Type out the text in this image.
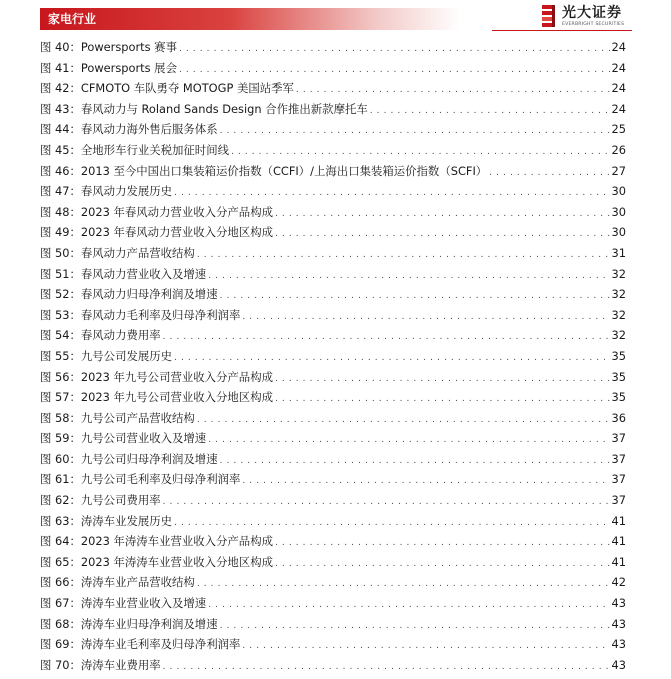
家电行业	光大证券
EVERBRIGHT SECURITIES
图 40：Powersports 赛事 . . .	24
图 41：Powersports 展会 . . .	24
图 42：CFMOTO 车队勇夺 MOTOGP 美国站季军 . . .	24
图 43：春风动力与 Roland Sands Design 合作推出新款摩托车 . . .	24
图 44：春风动力海外售后服务体系 . . .	25
图 45：全地形车行业关税加征时间线 . . .	26
图 46：2013 至今中国出口集装箱运价指数（CCFI）/上海出口集装箱运价指数（SCFI） . . .	27
图 47：春风动力发展历史 . . .	30
图 48：2023 年春风动力营业收入分产品构成 . . .	30
图 49：2023 年春风动力营业收入分地区构成 . . .	30
图 50：春风动力产品营收结构 . . .	31
图 51：春风动力营业收入及增速 . . .	32
图 52：春风动力归母净利润及增速 . . .	32
图 53：春风动力毛利率及归母净利润率 . . .	32
图 54：春风动力费用率 . . .	32
图 55：九号公司发展历史 . . .	35
图 56：2023 年九号公司营业收入分产品构成 . . .	35
图 57：2023 年九号公司营业收入分地区构成 . . .	35
图 58：九号公司产品营收结构 . . .	36
图 59：九号公司营业收入及增速 . . .	37
图 60：九号公司归母净利润及增速 . . .	37
图 61：九号公司毛利率及归母净利润率 . . .	37
图 62：九号公司费用率 . . .	37
图 63：涛涛车业发展历史 . . .	41
图 64：2023 年涛涛车业营业收入分产品构成 . . .	41
图 65：2023 年涛涛车业营业收入分地区构成 . . .	41
图 66：涛涛车业产品营收结构 . . .	42
图 67：涛涛车业营业收入及增速 . . .	43
图 68：涛涛车业归母净利润及增速 . . .	43
图 69：涛涛车业毛利率及归母净利润率 . . .	43
图 70：涛涛车业费用率 . . .	43
